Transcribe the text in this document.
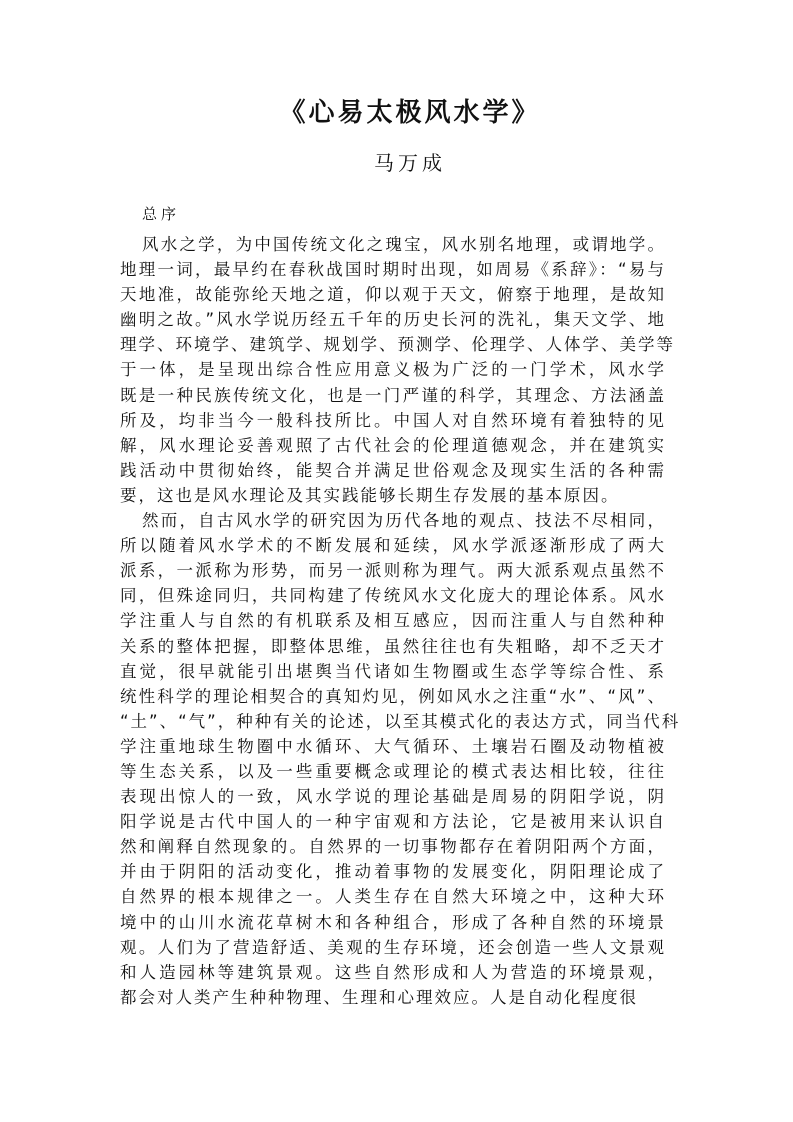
《心易太极风水学》
马万成
总序
风水之学，为中国传统文化之瑰宝，风水别名地理，或谓地学。
地理一词，最早约在春秋战国时期时出现，如周易《系辞》：“易与
天地准，故能弥纶天地之道，仰以观于天文，俯察于地理，是故知
幽明之故。”风水学说历经五千年的历史长河的洗礼，集天文学、地
理学、环境学、建筑学、规划学、预测学、伦理学、人体学、美学等
于一体，是呈现出综合性应用意义极为广泛的一门学术，风水学
既是一种民族传统文化，也是一门严谨的科学，其理念、方法涵盖
所及，均非当今一般科技所比。中国人对自然环境有着独特的见
解，风水理论妥善观照了古代社会的伦理道德观念，并在建筑实
践活动中贯彻始终，能契合并满足世俗观念及现实生活的各种需
要，这也是风水理论及其实践能够长期生存发展的基本原因。
然而，自古风水学的研究因为历代各地的观点、技法不尽相同，
所以随着风水学术的不断发展和延续，风水学派逐渐形成了两大
派系，一派称为形势，而另一派则称为理气。两大派系观点虽然不
同，但殊途同归，共同构建了传统风水文化庞大的理论体系。风水
学注重人与自然的有机联系及相互感应，因而注重人与自然种种
关系的整体把握，即整体思维，虽然往往也有失粗略，却不乏天才
直觉，很早就能引出堪舆当代诸如生物圈或生态学等综合性、系
统性科学的理论相契合的真知灼见，例如风水之注重“水”、“风”、
“土”、“气”，种种有关的论述，以至其模式化的表达方式，同当代科
学注重地球生物圈中水循环、大气循环、土壤岩石圈及动物植被
等生态关系，以及一些重要概念或理论的模式表达相比较，往往
表现出惊人的一致，风水学说的理论基础是周易的阴阳学说，阴
阳学说是古代中国人的一种宇宙观和方法论，它是被用来认识自
然和阐释自然现象的。自然界的一切事物都存在着阴阳两个方面，
并由于阴阳的活动变化，推动着事物的发展变化，阴阳理论成了
自然界的根本规律之一。人类生存在自然大环境之中，这种大环
境中的山川水流花草树木和各种组合，形成了各种自然的环境景
观。人们为了营造舒适、美观的生存环境，还会创造一些人文景观
和人造园林等建筑景观。这些自然形成和人为营造的环境景观，
都会对人类产生种种物理、生理和心理效应。人是自动化程度很
